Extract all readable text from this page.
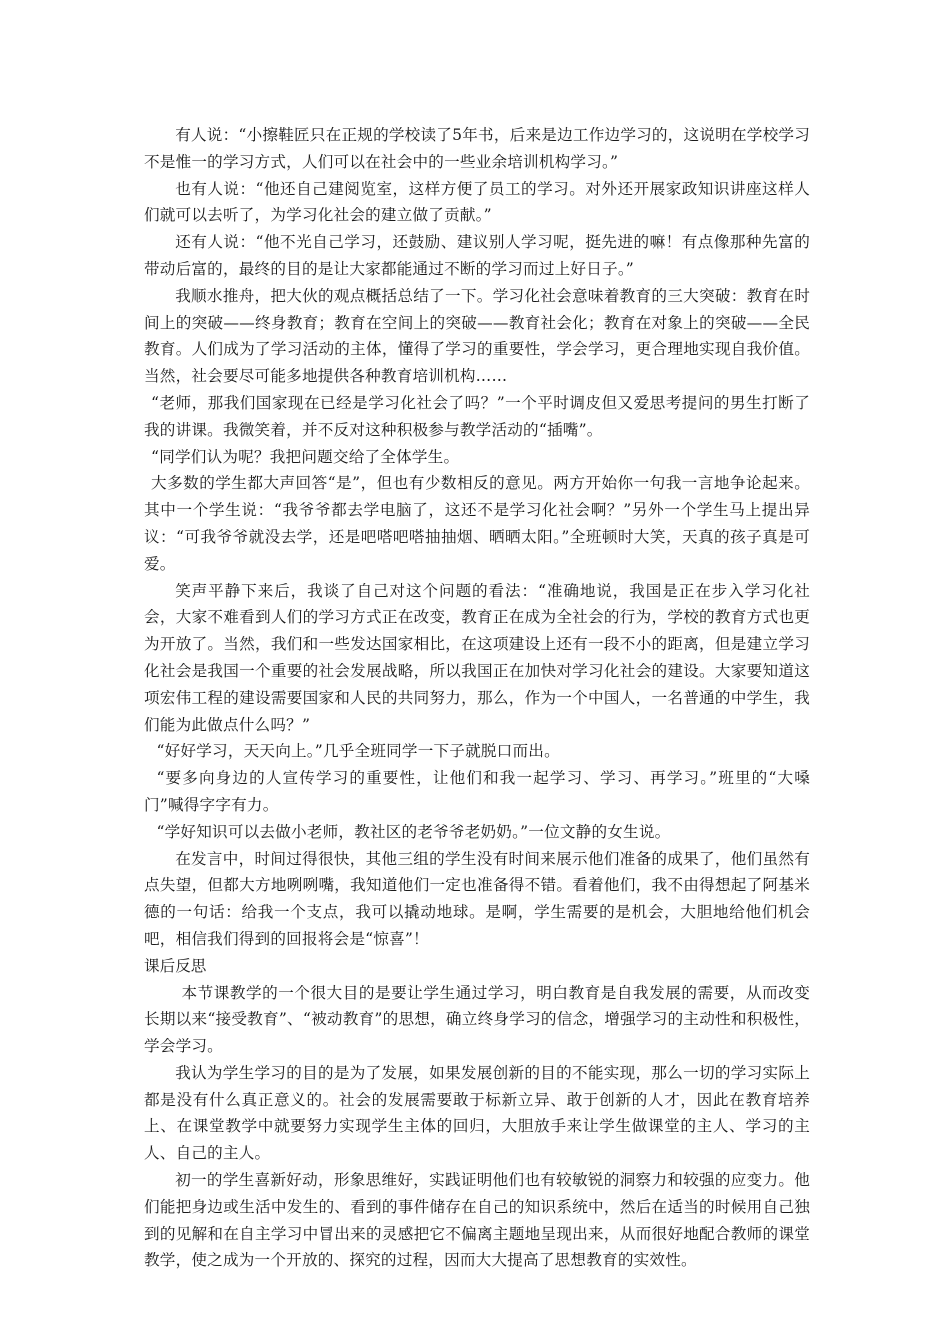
有人说：“小擦鞋匠只在正规的学校读了5年书，后来是边工作边学习的，这说明在学校学习不是惟一的学习方式，人们可以在社会中的一些业余培训机构学习。”

也有人说：“他还自己建阅览室，这样方便了员工的学习。对外还开展家政知识讲座这样人们就可以去听了，为学习化社会的建立做了贡献。”

还有人说：“他不光自己学习，还鼓励、建议别人学习呢，挺先进的嘛！有点像那种先富的带动后富的，最终的目的是让大家都能通过不断的学习而过上好日子。”

我顺水推舟，把大伙的观点概括总结了一下。学习化社会意味着教育的三大突破：教育在时间上的突破——终身教育；教育在空间上的突破——教育社会化；教育在对象上的突破——全民教育。人们成为了学习活动的主体，懂得了学习的重要性，学会学习，更合理地实现自我价值。当然，社会要尽可能多地提供各种教育培训机构……

“老师，那我们国家现在已经是学习化社会了吗？”一个平时调皮但又爱思考提问的男生打断了我的讲课。我微笑着，并不反对这种积极参与教学活动的“插嘴”。

“同学们认为呢？我把问题交给了全体学生。

大多数的学生都大声回答“是”，但也有少数相反的意见。两方开始你一句我一言地争论起来。其中一个学生说：“我爷爷都去学电脑了，这还不是学习化社会啊？”另外一个学生马上提出异议：“可我爷爷就没去学，还是吧嗒吧嗒抽抽烟、晒晒太阳。”全班顿时大笑，天真的孩子真是可爱。

笑声平静下来后，我谈了自己对这个问题的看法：“准确地说，我国是正在步入学习化社会，大家不难看到人们的学习方式正在改变，教育正在成为全社会的行为，学校的教育方式也更为开放了。当然，我们和一些发达国家相比，在这项建设上还有一段不小的距离，但是建立学习化社会是我国一个重要的社会发展战略，所以我国正在加快对学习化社会的建设。大家要知道这项宏伟工程的建设需要国家和人民的共同努力，那么，作为一个中国人，一名普通的中学生，我们能为此做点什么吗？”

“好好学习，天天向上。”几乎全班同学一下子就脱口而出。

“要多向身边的人宣传学习的重要性，让他们和我一起学习、学习、再学习。”班里的“大嗓门”喊得字字有力。

“学好知识可以去做小老师，教社区的老爷爷老奶奶。”一位文静的女生说。

在发言中，时间过得很快，其他三组的学生没有时间来展示他们准备的成果了，他们虽然有点失望，但都大方地咧咧嘴，我知道他们一定也准备得不错。看着他们，我不由得想起了阿基米德的一句话：给我一个支点，我可以撬动地球。是啊，学生需要的是机会，大胆地给他们机会吧，相信我们得到的回报将会是“惊喜”！

课后反思

本节课教学的一个很大目的是要让学生通过学习，明白教育是自我发展的需要，从而改变长期以来“接受教育”、“被动教育”的思想，确立终身学习的信念，增强学习的主动性和积极性，学会学习。

我认为学生学习的目的是为了发展，如果发展创新的目的不能实现，那么一切的学习实际上都是没有什么真正意义的。社会的发展需要敢于标新立异、敢于创新的人才，因此在教育培养上、在课堂教学中就要努力实现学生主体的回归，大胆放手来让学生做课堂的主人、学习的主人、自己的主人。

初一的学生喜新好动，形象思维好，实践证明他们也有较敏锐的洞察力和较强的应变力。他们能把身边或生活中发生的、看到的事件储存在自己的知识系统中，然后在适当的时候用自己独到的见解和在自主学习中冒出来的灵感把它不偏离主题地呈现出来，从而很好地配合教师的课堂教学，使之成为一个开放的、探究的过程，因而大大提高了思想教育的实效性。
